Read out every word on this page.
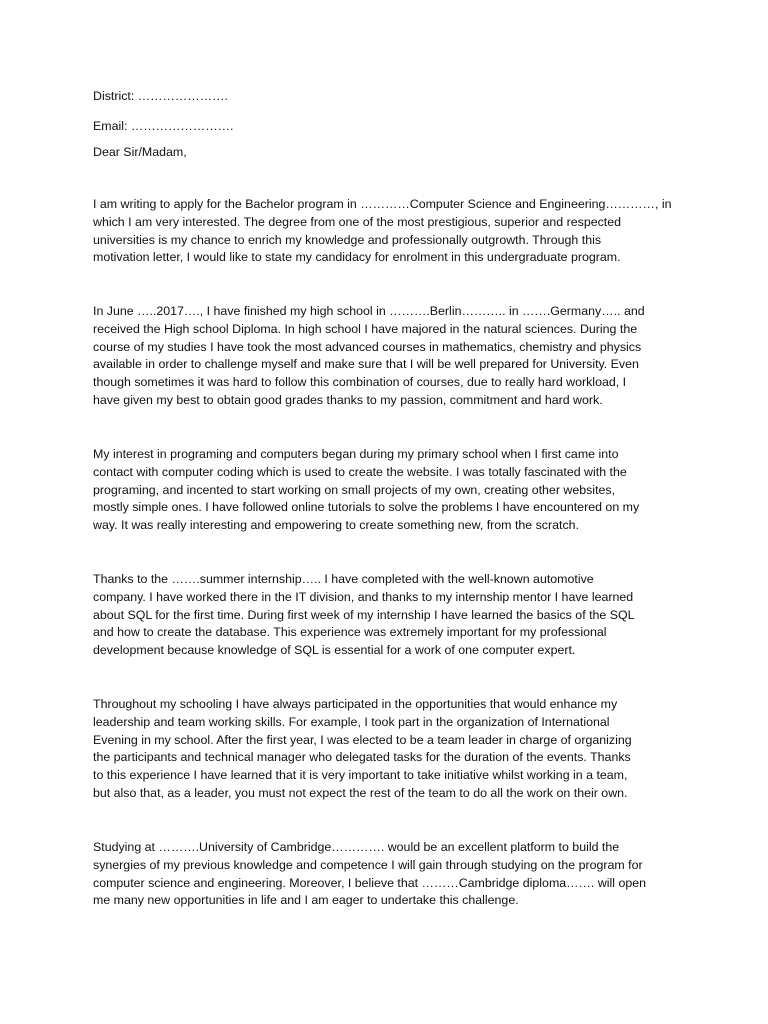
District: ………………….

Email: …………………….

Dear Sir/Madam,

I am writing to apply for the Bachelor program in …………Computer Science and Engineering…………, in
which I am very interested. The degree from one of the most prestigious, superior and respected
universities is my chance to enrich my knowledge and professionally outgrowth. Through this
motivation letter, I would like to state my candidacy for enrolment in this undergraduate program.
In June …..2017…., I have finished my high school in ……….Berlin……….. in …….Germany….. and
received the High school Diploma. In high school I have majored in the natural sciences. During the
course of my studies I have took the most advanced courses in mathematics, chemistry and physics
available in order to challenge myself and make sure that I will be well prepared for University. Even
though sometimes it was hard to follow this combination of courses, due to really hard workload, I
have given my best to obtain good grades thanks to my passion, commitment and hard work.
My interest in programing and computers began during my primary school when I first came into
contact with computer coding which is used to create the website. I was totally fascinated with the
programing, and incented to start working on small projects of my own, creating other websites,
mostly simple ones. I have followed online tutorials to solve the problems I have encountered on my
way. It was really interesting and empowering to create something new, from the scratch.
Thanks to the …….summer internship….. I have completed with the well-known automotive
company. I have worked there in the IT division, and thanks to my internship mentor I have learned
about SQL for the first time. During first week of my internship I have learned the basics of the SQL
and how to create the database. This experience was extremely important for my professional
development because knowledge of SQL is essential for a work of one computer expert.
Throughout my schooling I have always participated in the opportunities that would enhance my
leadership and team working skills. For example, I took part in the organization of International
Evening in my school. After the first year, I was elected to be a team leader in charge of organizing
the participants and technical manager who delegated tasks for the duration of the events. Thanks
to this experience I have learned that it is very important to take initiative whilst working in a team,
but also that, as a leader, you must not expect the rest of the team to do all the work on their own.
Studying at ……….University of Cambridge…………. would be an excellent platform to build the
synergies of my previous knowledge and competence I will gain through studying on the program for
computer science and engineering. Moreover, I believe that ………Cambridge diploma……. will open
me many new opportunities in life and I am eager to undertake this challenge.
